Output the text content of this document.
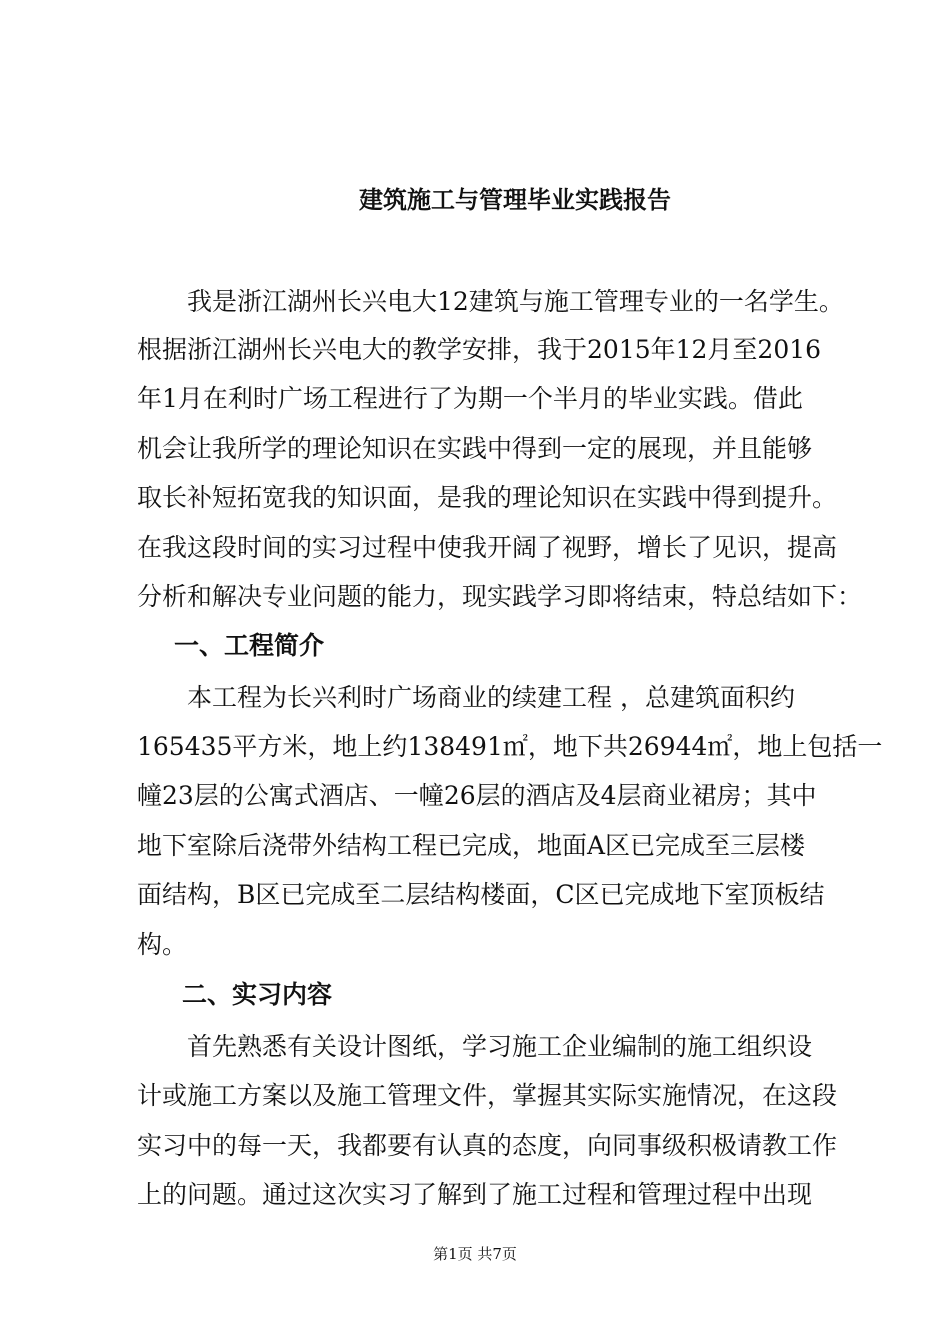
建筑施工与管理毕业实践报告
我是浙江湖州长兴电大12建筑与施工管理专业的一名学生。
根据浙江湖州长兴电大的教学安排，我于2015年12月至2016
年1月在利时广场工程进行了为期一个半月的毕业实践。借此
机会让我所学的理论知识在实践中得到一定的展现，并且能够
取长补短拓宽我的知识面，是我的理论知识在实践中得到提升。
在我这段时间的实习过程中使我开阔了视野，增长了见识，提高
分析和解决专业问题的能力，现实践学习即将结束，特总结如下：
一、工程简介
本工程为长兴利时广场商业的续建工程 ，总建筑面积约
165435平方米，地上约138491㎡，地下共26944㎡，地上包括一
幢23层的公寓式酒店、一幢26层的酒店及4层商业裙房；其中
地下室除后浇带外结构工程已完成，地面A区已完成至三层楼
面结构，B区已完成至二层结构楼面，C区已完成地下室顶板结
构。
二、实习内容
首先熟悉有关设计图纸，学习施工企业编制的施工组织设
计或施工方案以及施工管理文件，掌握其实际实施情况，在这段
实习中的每一天，我都要有认真的态度，向同事级积极请教工作
上的问题。通过这次实习了解到了施工过程和管理过程中出现
第1页 共7页
